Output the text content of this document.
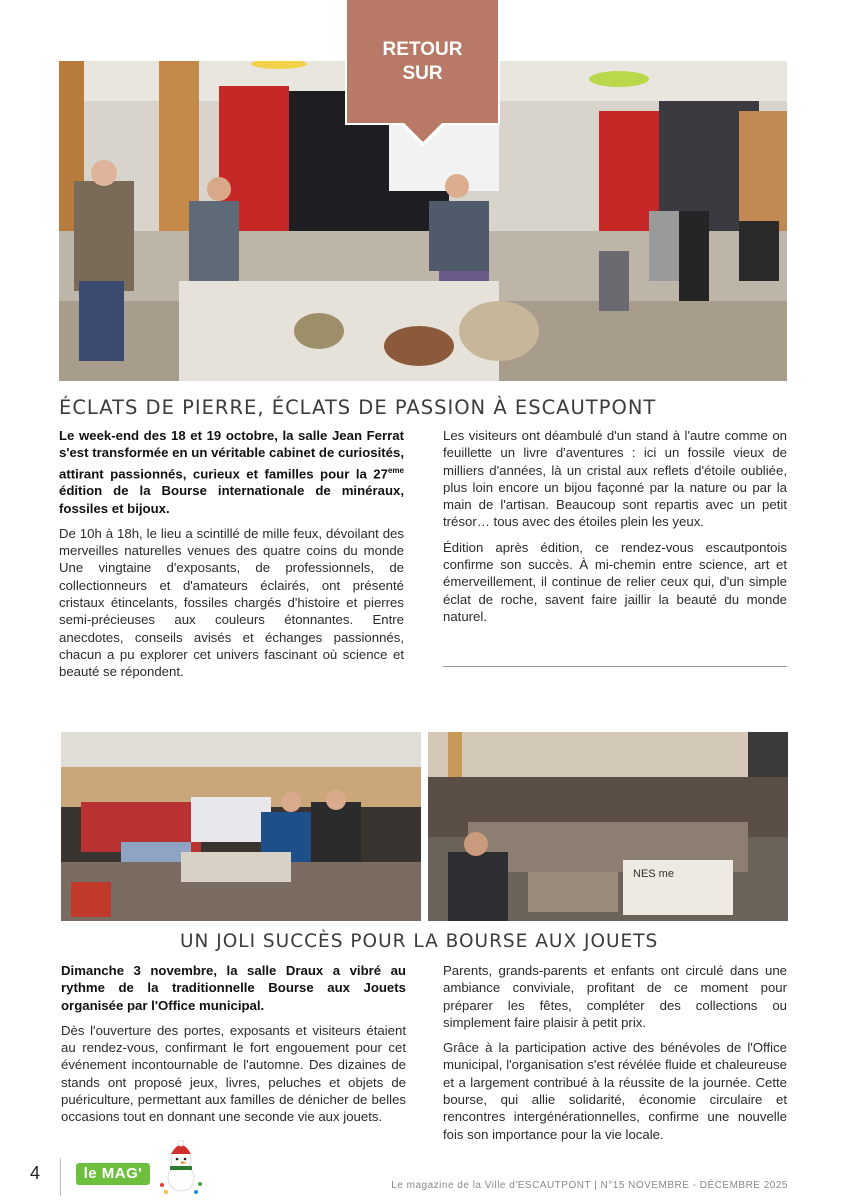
RETOUR
SUR
ÉCLATS DE PIERRE, ÉCLATS DE PASSION À ESCAUTPONT

Le week-end des 18 et 19 octobre, la salle Jean Ferrat s'est transformée en un véritable cabinet de curiosités, attirant passionnés, curieux et familles pour la 27eme édition de la Bourse internationale de minéraux, fossiles et bijoux.

De 10h à 18h, le lieu a scintillé de mille feux, dévoilant des merveilles naturelles venues des quatre coins du monde Une vingtaine d'exposants, de professionnels, de collectionneurs et d'amateurs éclairés, ont présenté cristaux étincelants, fossiles chargés d'histoire et pierres semi-précieuses aux couleurs étonnantes. Entre anecdotes, conseils avisés et échanges passionnés, chacun a pu explorer cet univers fascinant où science et beauté se répondent.

Les visiteurs ont déambulé d'un stand à l'autre comme on feuillette un livre d'aventures : ici un fossile vieux de milliers d'années, là un cristal aux reflets d'étoile oubliée, plus loin encore un bijou façonné par la nature ou par la main de l'artisan. Beaucoup sont repartis avec un petit trésor… tous avec des étoiles plein les yeux.

Édition après édition, ce rendez-vous escautpontois confirme son succès. À mi-chemin entre science, art et émerveillement, il continue de relier ceux qui, d'un simple éclat de roche, savent faire jaillir la beauté du monde naturel.

NES me
UN JOLI SUCCÈS POUR LA BOURSE AUX JOUETS

Dimanche 3 novembre, la salle Draux a vibré au rythme de la traditionnelle Bourse aux Jouets organisée par l'Office municipal.

Dès l'ouverture des portes, exposants et visiteurs étaient au rendez-vous, confirmant le fort engouement pour cet événement incontournable de l'automne. Des dizaines de stands ont proposé jeux, livres, peluches et objets de puériculture, permettant aux familles de dénicher de belles occasions tout en donnant une seconde vie aux jouets.

Parents, grands-parents et enfants ont circulé dans une ambiance conviviale, profitant de ce moment pour préparer les fêtes, compléter des collections ou simplement faire plaisir à petit prix.

Grâce à la participation active des bénévoles de l'Office municipal, l'organisation s'est révélée fluide et chaleureuse et a largement contribué à la réussite de la journée. Cette bourse, qui allie solidarité, économie circulaire et rencontres intergénérationnelles, confirme une nouvelle fois son importance pour la vie locale.

4	le MAG'
Le magazine de la Ville d'ESCAUTPONT | N°15 NOVEMBRE - DÉCEMBRE 2025
